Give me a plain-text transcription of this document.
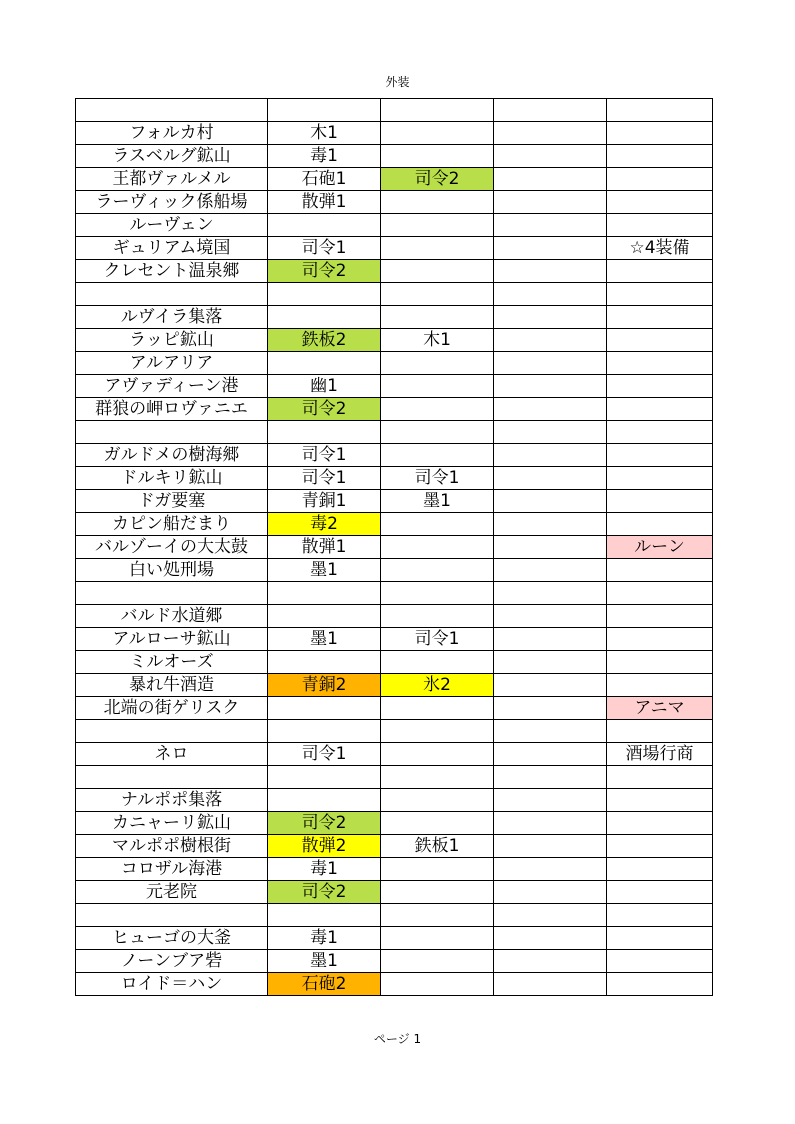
外装

フォルカ村	木1			
ラスベルグ鉱山	毒1			
王都ヴァルメル	石砲1	司令2		
ラーヴィック係船場	散弾1			
ルーヴェン				
ギュリアム境国	司令1			☆4装備
クレセント温泉郷	司令2			

ルヴイラ集落				
ラッピ鉱山	鉄板2	木1		
アルアリア				
アヴァディーン港	幽1			
群狼の岬ロヴァニエ	司令2			

ガルドメの樹海郷	司令1			
ドルキリ鉱山	司令1	司令1		
ドガ要塞	青銅1	墨1		
カピン船だまり	毒2			
バルゾーイの大太鼓	散弾1			ルーン
白い処刑場	墨1			

バルド水道郷				
アルローサ鉱山	墨1	司令1		
ミルオーズ				
暴れ牛酒造	青銅2	氷2		
北端の街ゲリスク				アニマ

ネロ	司令1			酒場行商

ナルポポ集落				
カニャーリ鉱山	司令2			
マルポポ樹根街	散弾2	鉄板1		
コロザル海港	毒1			
元老院	司令2			

ヒューゴの大釜	毒1			
ノーンブア砦	墨1			
ロイド＝ハン	石砲2			
ページ 1
